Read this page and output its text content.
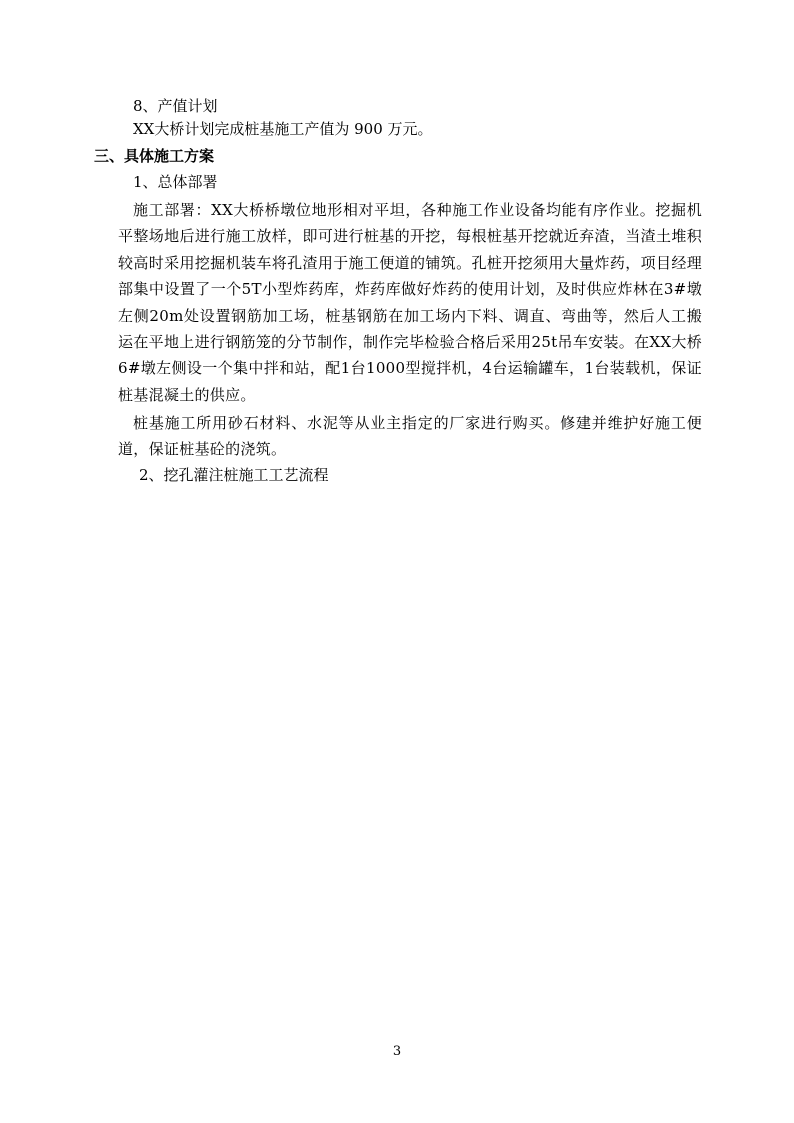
8、产值计划
XX大桥计划完成桩基施工产值为 900 万元。
三、具体施工方案
1、总体部署
施工部署：XX大桥桥墩位地形相对平坦，各种施工作业设备均能有序作业。挖掘机平整场地后进行施工放样，即可进行桩基的开挖，每根桩基开挖就近弃渣，当渣土堆积较高时采用挖掘机装车将孔渣用于施工便道的铺筑。孔桩开挖须用大量炸药，项目经理部集中设置了一个5T小型炸药库，炸药库做好炸药的使用计划，及时供应炸林在3#墩左侧20m处设置钢筋加工场，桩基钢筋在加工场内下料、调直、弯曲等，然后人工搬运在平地上进行钢筋笼的分节制作，制作完毕检验合格后采用25t吊车安装。在XX大桥6#墩左侧设一个集中拌和站，配1台1000型搅拌机，4台运输罐车，1台装载机，保证桩基混凝土的供应。
桩基施工所用砂石材料、水泥等从业主指定的厂家进行购买。修建并维护好施工便道，保证桩基砼的浇筑。
2、挖孔灌注桩施工工艺流程
3
